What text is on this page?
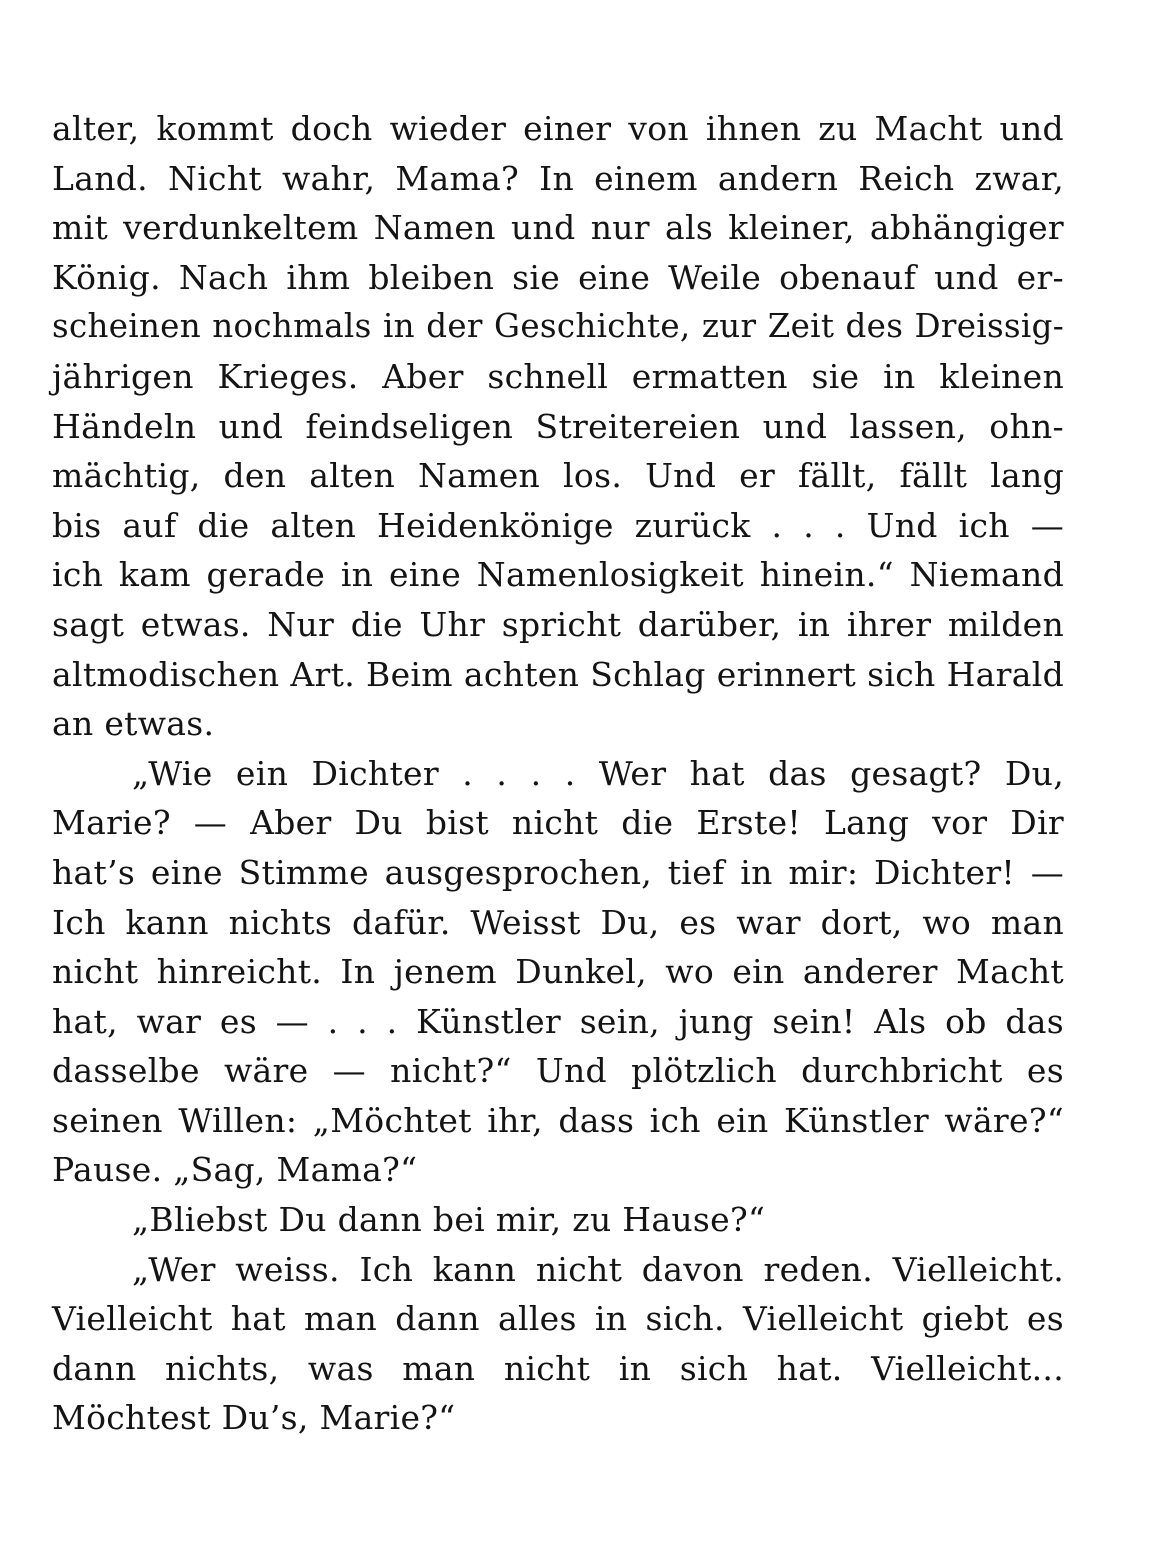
alter, kommt doch wieder einer von ihnen zu Macht und
Land. Nicht wahr, Mama? In einem andern Reich zwar,
mit verdunkeltem Namen und nur als kleiner, abhängiger
König. Nach ihm bleiben sie eine Weile obenauf und er-
scheinen nochmals in der Geschichte, zur Zeit des Dreissig-
jährigen Krieges. Aber schnell ermatten sie in kleinen
Händeln und feindseligen Streitereien und lassen, ohn-
mächtig, den alten Namen los. Und er fällt, fällt lang
bis auf die alten Heidenkönige zurück . . . Und ich —
ich kam gerade in eine Namenlosigkeit hinein.“ Niemand
sagt etwas. Nur die Uhr spricht darüber, in ihrer milden
altmodischen Art. Beim achten Schlag erinnert sich Harald
an etwas.
„Wie ein Dichter . . . . Wer hat das gesagt? Du,
Marie? — Aber Du bist nicht die Erste! Lang vor Dir
hat’s eine Stimme ausgesprochen, tief in mir: Dichter! —
Ich kann nichts dafür. Weisst Du, es war dort, wo man
nicht hinreicht. In jenem Dunkel, wo ein anderer Macht
hat, war es — . . . Künstler sein, jung sein! Als ob das
dasselbe wäre — nicht?“ Und plötzlich durchbricht es
seinen Willen: „Möchtet ihr, dass ich ein Künstler wäre?“
Pause. „Sag, Mama?“
„Bliebst Du dann bei mir, zu Hause?“
„Wer weiss. Ich kann nicht davon reden. Vielleicht.
Vielleicht hat man dann alles in sich. Vielleicht giebt es
dann nichts, was man nicht in sich hat. Vielleicht...
Möchtest Du’s, Marie?“
